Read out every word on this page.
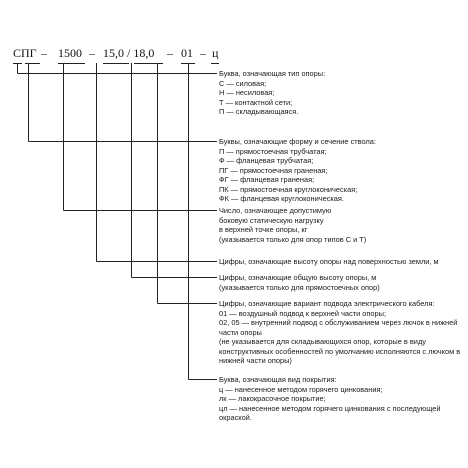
СПГ – 1500 – 15,0 / 18,0 – 01 – ц
Буква, означающая тип опоры:
С — силовая;
Н — несиловая;
Т — контактной сети;
П — складывающаяся.
Буквы, означающие форму и сечение ствола:
П — прямостоечная трубчатая;
Ф — фланцевая трубчатая;
ПГ — прямостоечная граненая;
ФГ — фланцевая граненая;
ПК — прямостоечная круглоконическая;
ФК — фланцевая круглоконическая.
Число, означающее допустимую
боковую статическую нагрузку
в верхней точке опоры, кг
(указывается только для опор типов С и Т)
Цифры, означающие высоту опоры над поверхностью земли, м
Цифры, означающие общую высоту опоры, м
(указывается только для прямостоечных опор)
Цифры, означающие вариант подвода электрического кабеля:
01 — воздушный подвод к верхней части опоры;
02, 05 — внутренний подвод с обслуживанием через лючок в нижней
части опоры
(не указывается для складывающихся опор, которые в виду
конструктивных особенностей по умолчанию исполняются с лючком в
нижней части опоры)
Буква, означающая вид покрытия:
ц — нанесенное методом горячего цинкования;
лк — лакокрасочное покрытие;
цл — нанесенное методом горячего цинкования с последующей
окраской.
